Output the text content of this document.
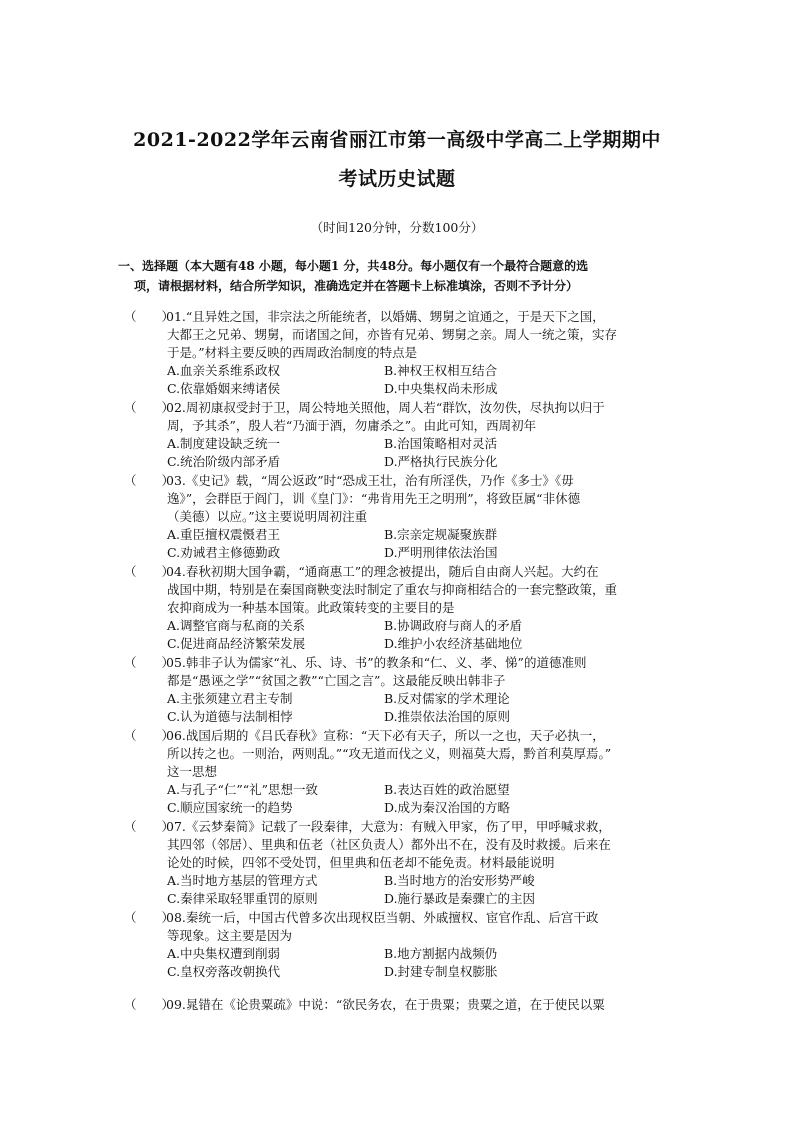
2021-2022学年云南省丽江市第一高级中学高二上学期期中
考试历史试题
（时间120分钟，分数100分）
一、选择题（本大题有48 小题，每小题1 分，共48分。每小题仅有一个最符合题意的选
项，请根据材料，结合所学知识，准确选定并在答题卡上标准填涂，否则不予计分）
（　　）01.“且异姓之国，非宗法之所能统者，以婚媾、甥舅之谊通之，于是天下之国，
大都王之兄弟、甥舅，而诸国之间，亦皆有兄弟、甥舅之亲。周人一统之策，实存
于是。”材料主要反映的西周政治制度的特点是
A.血亲关系维系政权	B.神权王权相互结合
C.依靠婚姻来缚诸侯	D.中央集权尚未形成
（　　）02.周初康叔受封于卫，周公特地关照他，周人若“群饮，汝勿佚，尽执拘以归于
周，予其杀”，殷人若“乃湎于酒，勿庸杀之”。由此可知，西周初年
A.制度建设缺乏统一	B.治国策略相对灵活
C.统治阶级内部矛盾	D.严格执行民族分化
（　　）03.《史记》载，“周公返政”时“恐成王壮，治有所淫佚，乃作《多士》《毋
逸》”，会群臣于阎门，训《皇门》：“弗肯用先王之明刑”，将致臣属“非休德
（美德）以应。”这主要说明周初注重
A.重臣擅权震慑君王	B.宗亲定规凝聚族群
C.劝诫君主修德勤政	D.严明刑律依法治国
（　　）04.春秋初期大国争霸，“通商惠工”的理念被提出，随后自由商人兴起。大约在
战国中期，特别是在秦国商鞅变法时制定了重农与抑商相结合的一套完整政策，重
农抑商成为一种基本国策。此政策转变的主要目的是
A.调整官商与私商的关系	B.协调政府与商人的矛盾
C.促进商品经济繁荣发展	D.维护小农经济基础地位
（　　）05.韩非子认为儒家“礼、乐、诗、书”的教条和“仁、义、孝、悌”的道德准则
都是“愚诬之学”“贫国之教”“亡国之言”。这最能反映出韩非子
A.主张须建立君主专制	B.反对儒家的学术理论
C.认为道德与法制相悖	D.推崇依法治国的原则
（　　）06.战国后期的《吕氏春秋》宣称：“天下必有天子，所以一之也，天子必执一，
所以抟之也。一则治，两则乱。”“攻无道而伐之义，则福莫大焉，黔首利莫厚焉。”
这一思想
A.与孔子“仁”“礼”思想一致	B.表达百姓的政治愿望
C.顺应国家统一的趋势	D.成为秦汉治国的方略
（　　）07.《云梦秦简》记载了一段秦律，大意为：有贼入甲家，伤了甲，甲呼喊求救，
其四邻（邻居）、里典和伍老（社区负责人）都外出不在，没有及时救援。后来在
论处的时候，四邻不受处罚，但里典和伍老却不能免责。材料最能说明
A.当时地方基层的管理方式	B.当时地方的治安形势严峻
C.秦律采取轻罪重罚的原则	D.施行暴政是秦骤亡的主因
（　　）08.秦统一后，中国古代曾多次出现权臣当朝、外戚擅权、宦官作乱、后宫干政
等现象。这主要是因为
A.中央集权遭到削弱	B.地方割据内战频仍
C.皇权旁落改朝换代	D.封建专制皇权膨胀
（　　）09.晁错在《论贵粟疏》中说：“欲民务农，在于贵粟；贵粟之道，在于使民以粟
